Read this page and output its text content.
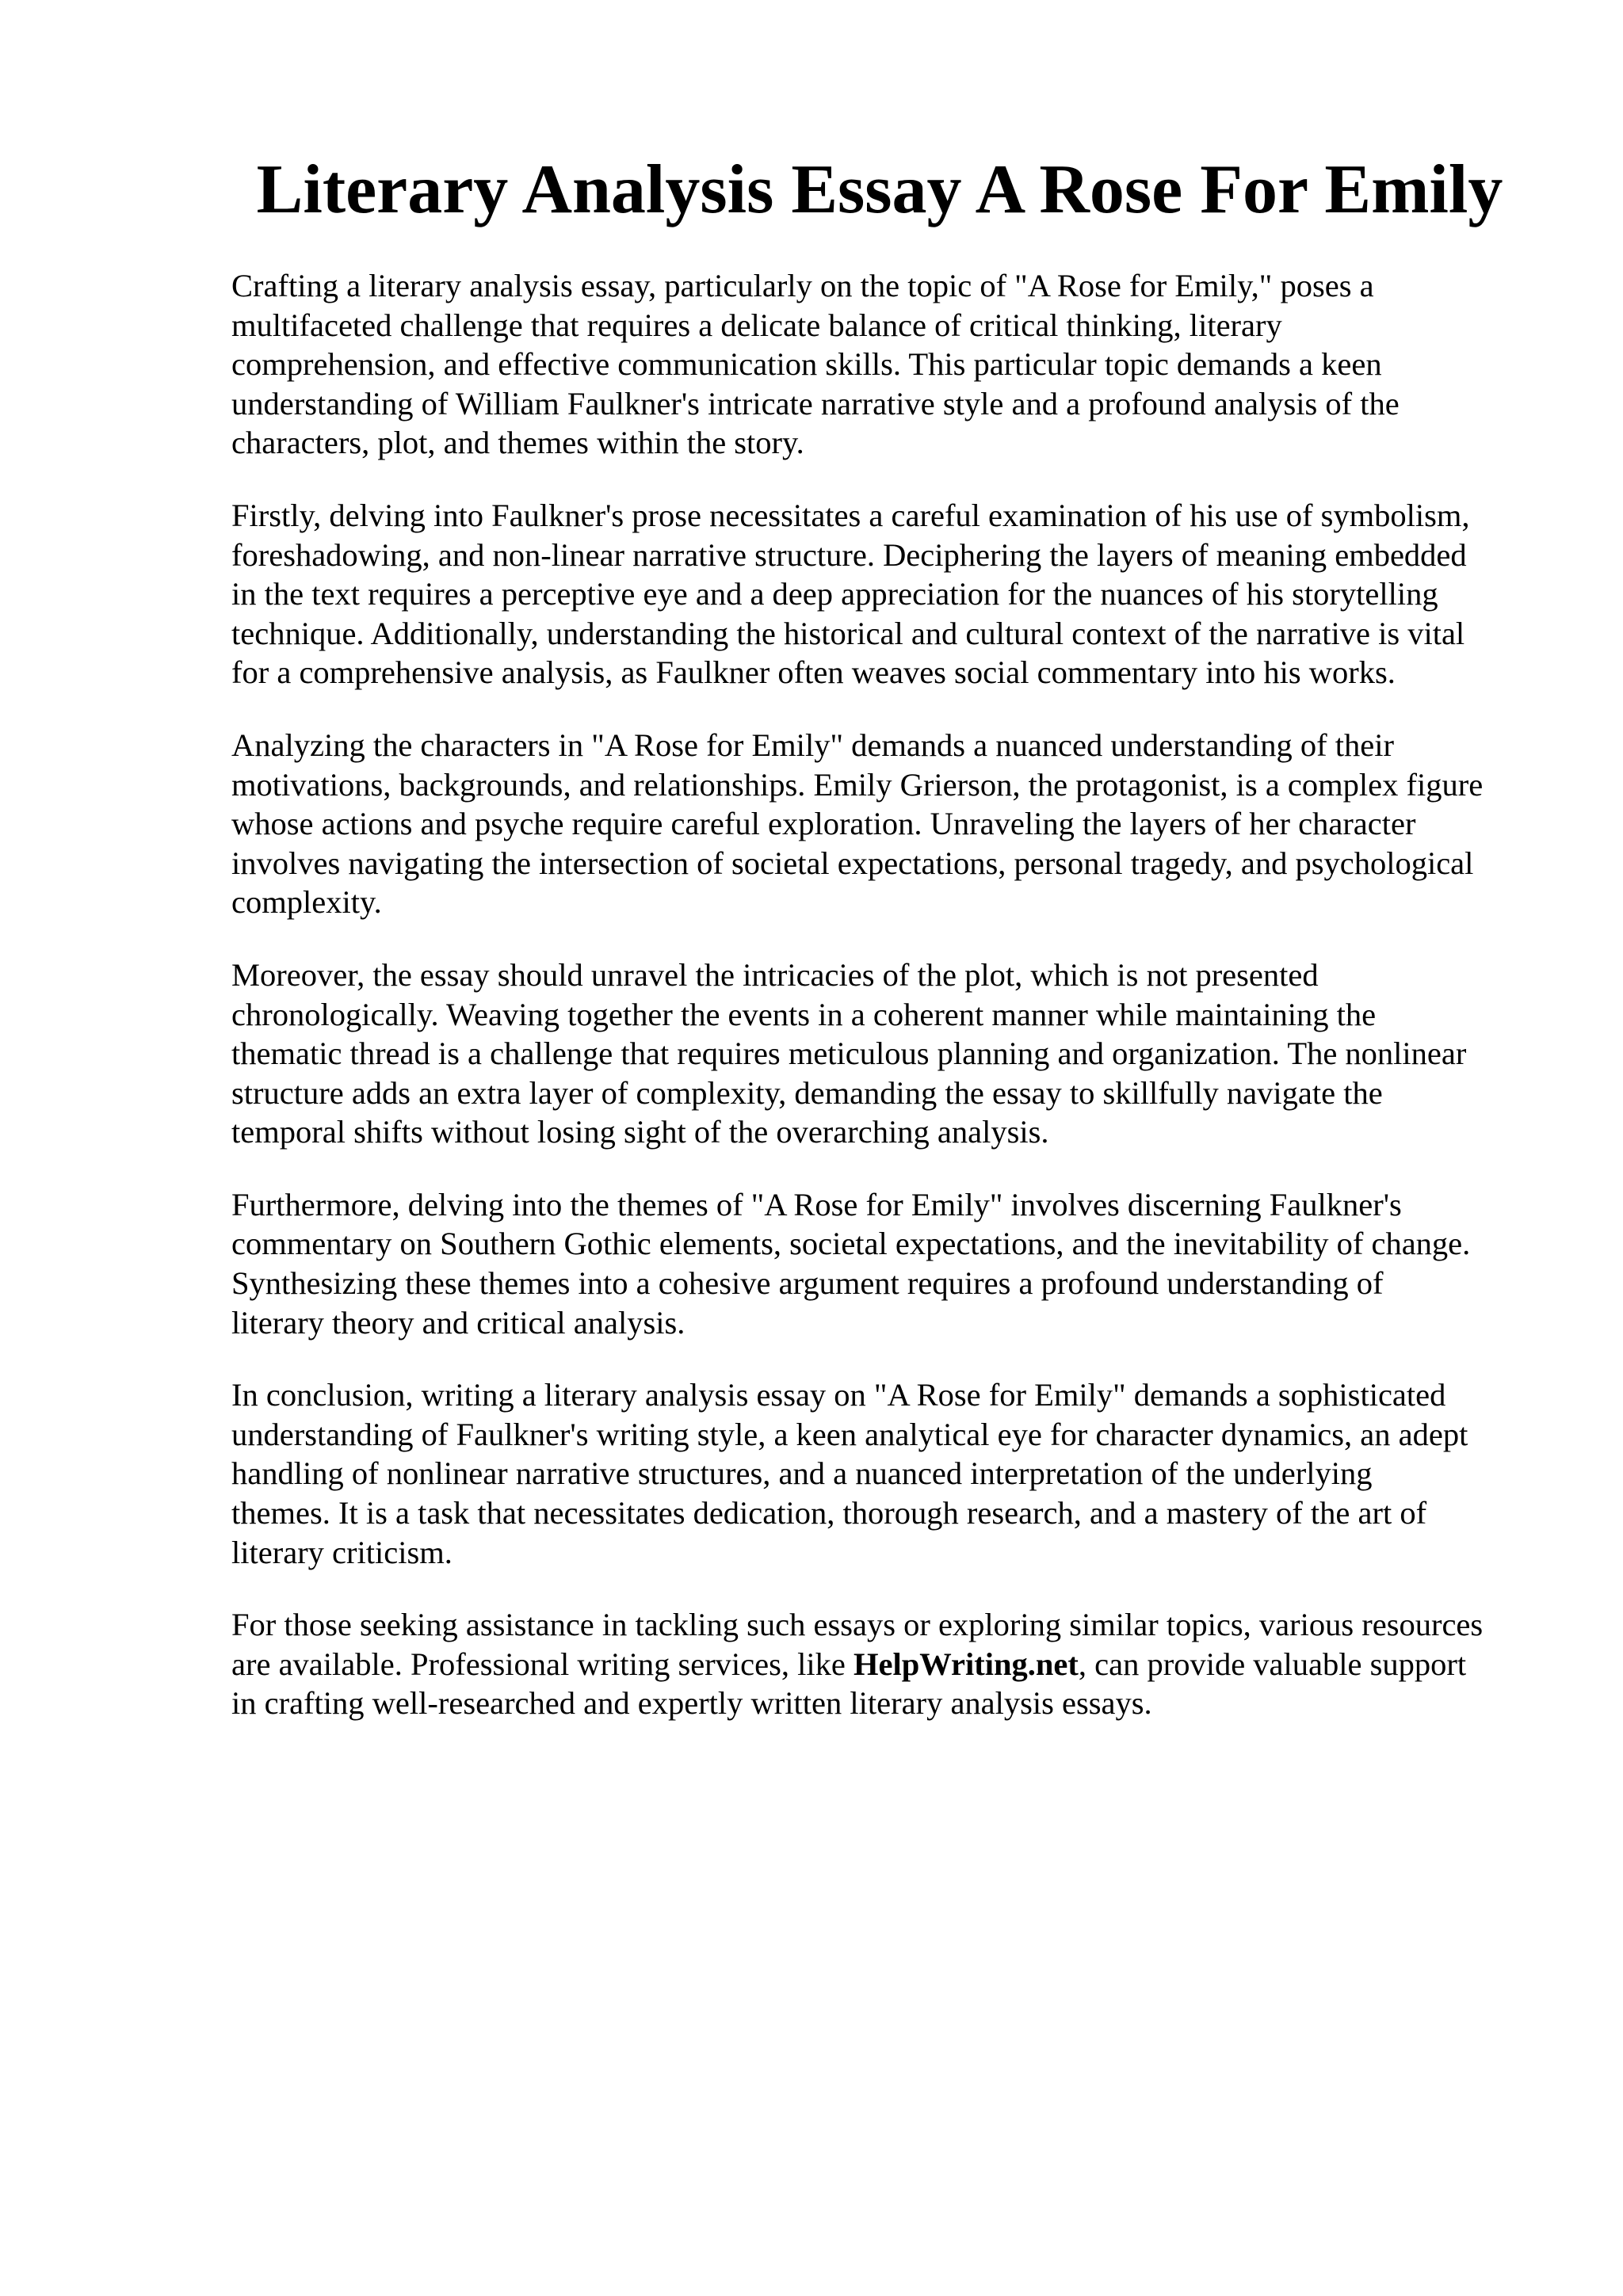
Literary Analysis Essay A Rose For Emily

Crafting a literary analysis essay, particularly on the topic of "A Rose for Emily," poses a
multifaceted challenge that requires a delicate balance of critical thinking, literary
comprehension, and effective communication skills. This particular topic demands a keen
understanding of William Faulkner's intricate narrative style and a profound analysis of the
characters, plot, and themes within the story.

Firstly, delving into Faulkner's prose necessitates a careful examination of his use of symbolism,
foreshadowing, and non-linear narrative structure. Deciphering the layers of meaning embedded
in the text requires a perceptive eye and a deep appreciation for the nuances of his storytelling
technique. Additionally, understanding the historical and cultural context of the narrative is vital
for a comprehensive analysis, as Faulkner often weaves social commentary into his works.

Analyzing the characters in "A Rose for Emily" demands a nuanced understanding of their
motivations, backgrounds, and relationships. Emily Grierson, the protagonist, is a complex figure
whose actions and psyche require careful exploration. Unraveling the layers of her character
involves navigating the intersection of societal expectations, personal tragedy, and psychological
complexity.

Moreover, the essay should unravel the intricacies of the plot, which is not presented
chronologically. Weaving together the events in a coherent manner while maintaining the
thematic thread is a challenge that requires meticulous planning and organization. The nonlinear
structure adds an extra layer of complexity, demanding the essay to skillfully navigate the
temporal shifts without losing sight of the overarching analysis.

Furthermore, delving into the themes of "A Rose for Emily" involves discerning Faulkner's
commentary on Southern Gothic elements, societal expectations, and the inevitability of change.
Synthesizing these themes into a cohesive argument requires a profound understanding of
literary theory and critical analysis.

In conclusion, writing a literary analysis essay on "A Rose for Emily" demands a sophisticated
understanding of Faulkner's writing style, a keen analytical eye for character dynamics, an adept
handling of nonlinear narrative structures, and a nuanced interpretation of the underlying
themes. It is a task that necessitates dedication, thorough research, and a mastery of the art of
literary criticism.

For those seeking assistance in tackling such essays or exploring similar topics, various resources
are available. Professional writing services, like HelpWriting.net, can provide valuable support
in crafting well-researched and expertly written literary analysis essays.
